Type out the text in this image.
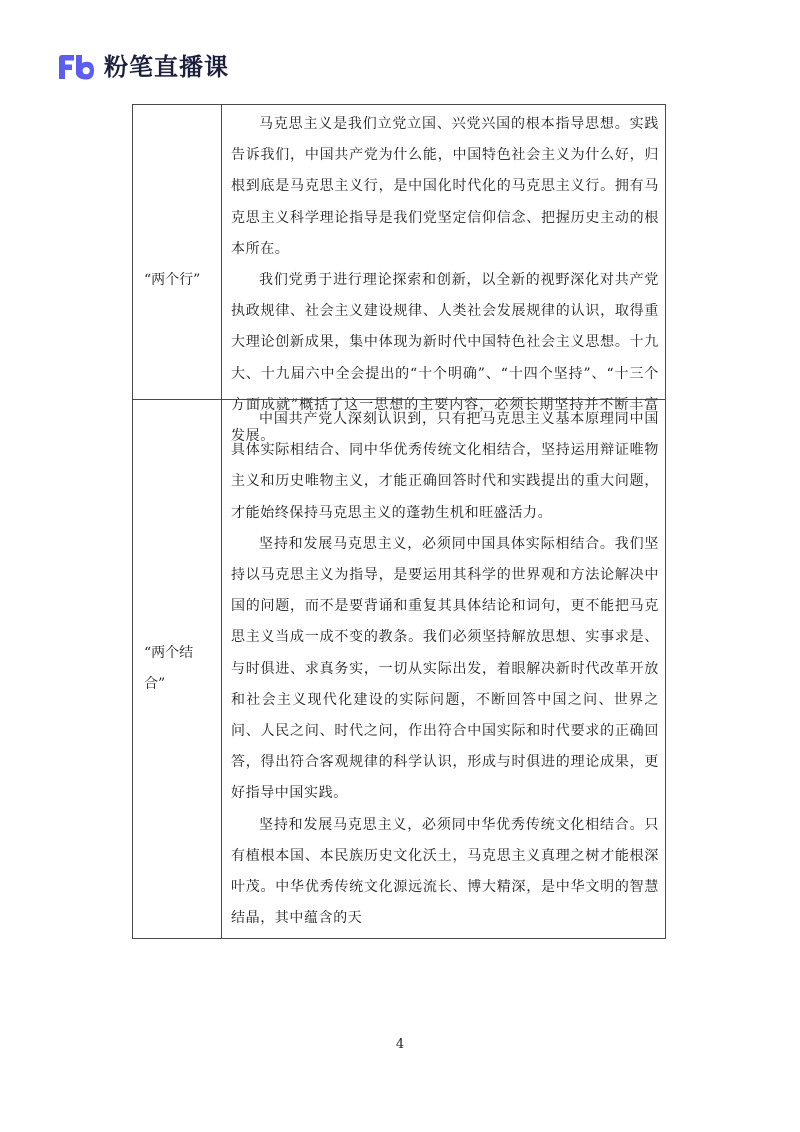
粉笔直播课
“两个行”	

马克思主义是我们立党立国、兴党兴国的根本指导思想。实践告诉我们，中国共产党为什么能，中国特色社会主义为什么好，归根到底是马克思主义行，是中国化时代化的马克思主义行。拥有马克思主义科学理论指导是我们党坚定信仰信念、把握历史主动的根本所在。

我们党勇于进行理论探索和创新，以全新的视野深化对共产党执政规律、社会主义建设规律、人类社会发展规律的认识，取得重大理论创新成果，集中体现为新时代中国特色社会主义思想。十九大、十九届六中全会提出的“十个明确”、“十四个坚持”、“十三个方面成就”概括了这一思想的主要内容，必须长期坚持并不断丰富发展。

“两个结合”	

中国共产党人深刻认识到，只有把马克思主义基本原理同中国具体实际相结合、同中华优秀传统文化相结合，坚持运用辩证唯物主义和历史唯物主义，才能正确回答时代和实践提出的重大问题，才能始终保持马克思主义的蓬勃生机和旺盛活力。

坚持和发展马克思主义，必须同中国具体实际相结合。我们坚持以马克思主义为指导，是要运用其科学的世界观和方法论解决中国的问题，而不是要背诵和重复其具体结论和词句，更不能把马克思主义当成一成不变的教条。我们必须坚持解放思想、实事求是、与时俱进、求真务实，一切从实际出发，着眼解决新时代改革开放和社会主义现代化建设的实际问题，不断回答中国之问、世界之问、人民之问、时代之问，作出符合中国实际和时代要求的正确回答，得出符合客观规律的科学认识，形成与时俱进的理论成果，更好指导中国实践。

坚持和发展马克思主义，必须同中华优秀传统文化相结合。只有植根本国、本民族历史文化沃土，马克思主义真理之树才能根深叶茂。中华优秀传统文化源远流长、博大精深，是中华文明的智慧结晶，其中蕴含的天

4
